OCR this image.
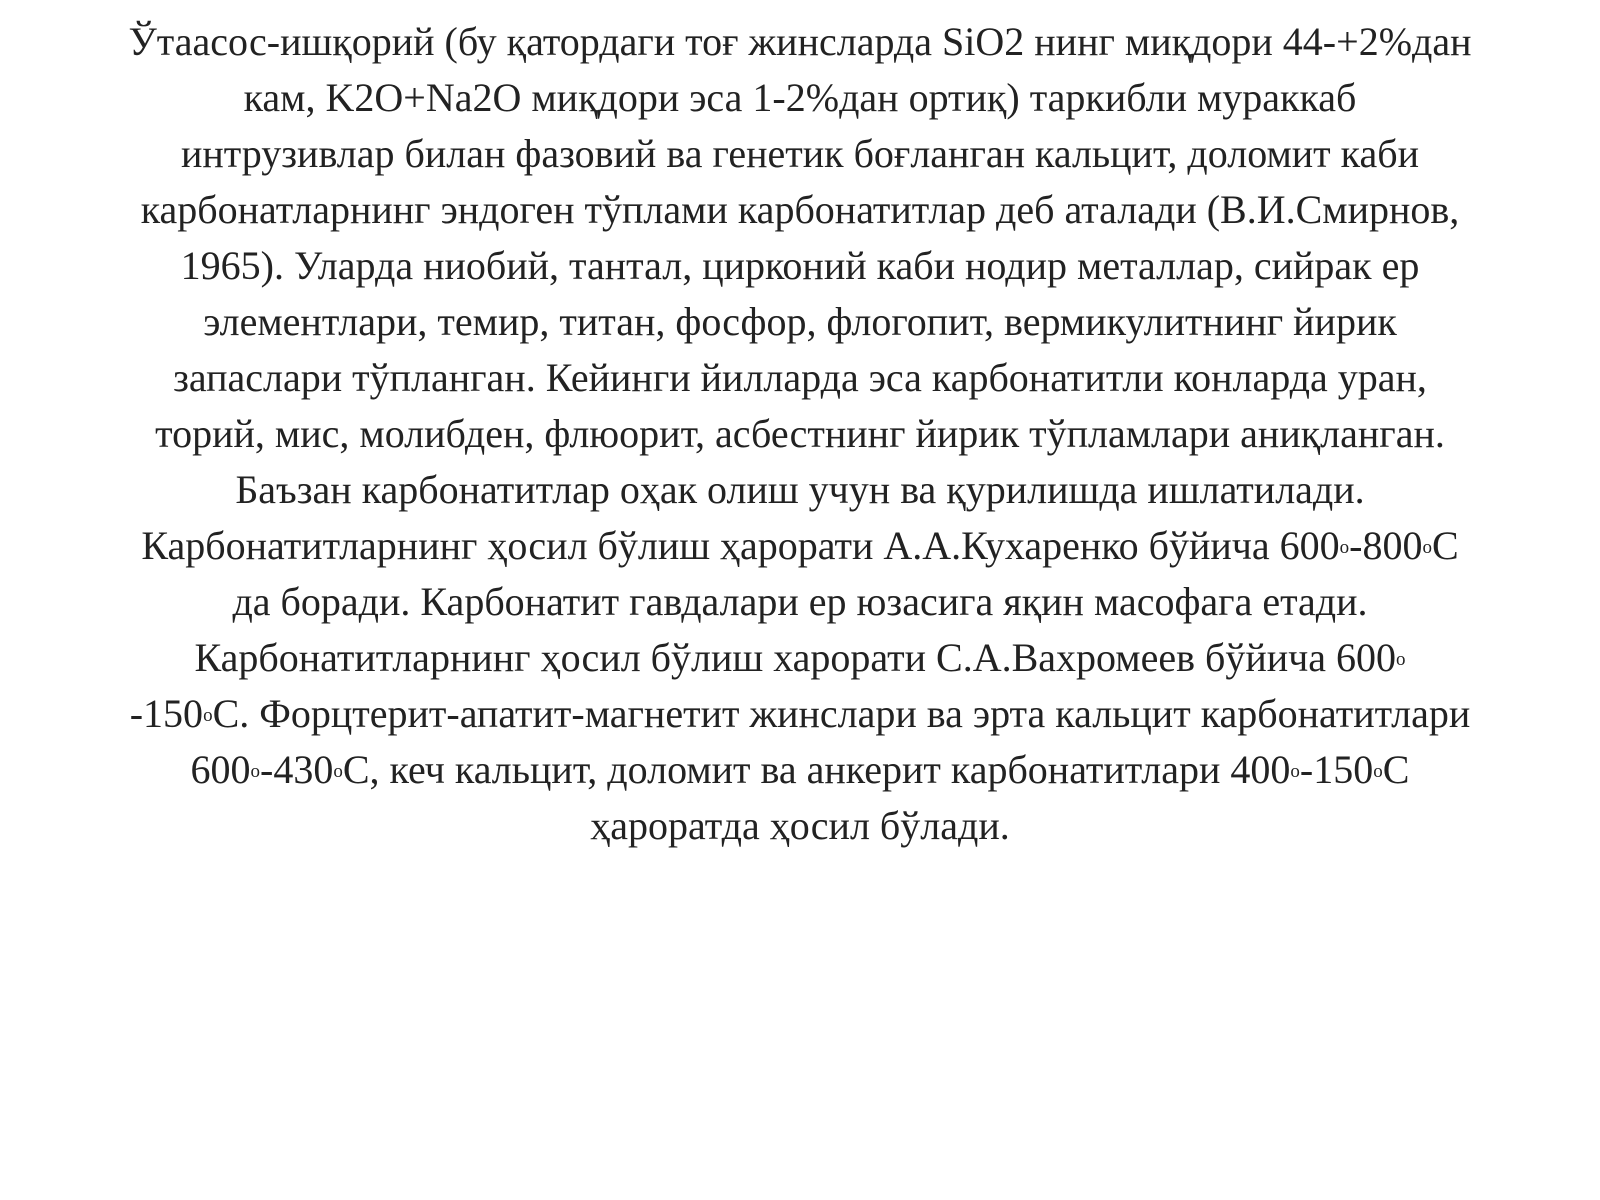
Ўтаасос-ишқорий (бу қатордаги тоғ жинсларда SiO2 нинг миқдори 44-+2%дан
кам, K2O+Na2O миқдори эса 1-2%дан ортиқ) таркибли мураккаб
интрузивлар билан фазовий ва генетик боғланган кальцит, доломит каби
карбонатларнинг эндоген тўплами карбонатитлар деб аталади (В.И.Смирнов,
1965). Уларда ниобий, тантал, цирконий каби нодир металлар, сийрак ер
элементлари, темир, титан, фосфор, флогопит, вермикулитнинг йирик
запаслари тўпланган. Кейинги йилларда эса карбонатитли конларда уран,
торий, мис, молибден, флюорит, асбестнинг йирик тўпламлари аниқланган.
Баъзан карбонатитлар оҳак олиш учун ва қурилишда ишлатилади.
Карбонатитларнинг ҳосил бўлиш ҳарорати А.А.Кухаренко бўйича $600^о-800^оС$
да боради. Карбонатит гавдалари ер юзасига яқин масофага етади.
Карбонатитларнинг ҳосил бўлиш харорати С.А.Вахромеев бўйича $600^о$
$-150^оС$. Форцтерит-апатит-магнетит жинслари ва эрта кальцит карбонатитлари
$600^о-430^оС$, кеч кальцит, доломит ва анкерит карбонатитлари $400^о-150^оС$
ҳароратда ҳосил бўлади.
